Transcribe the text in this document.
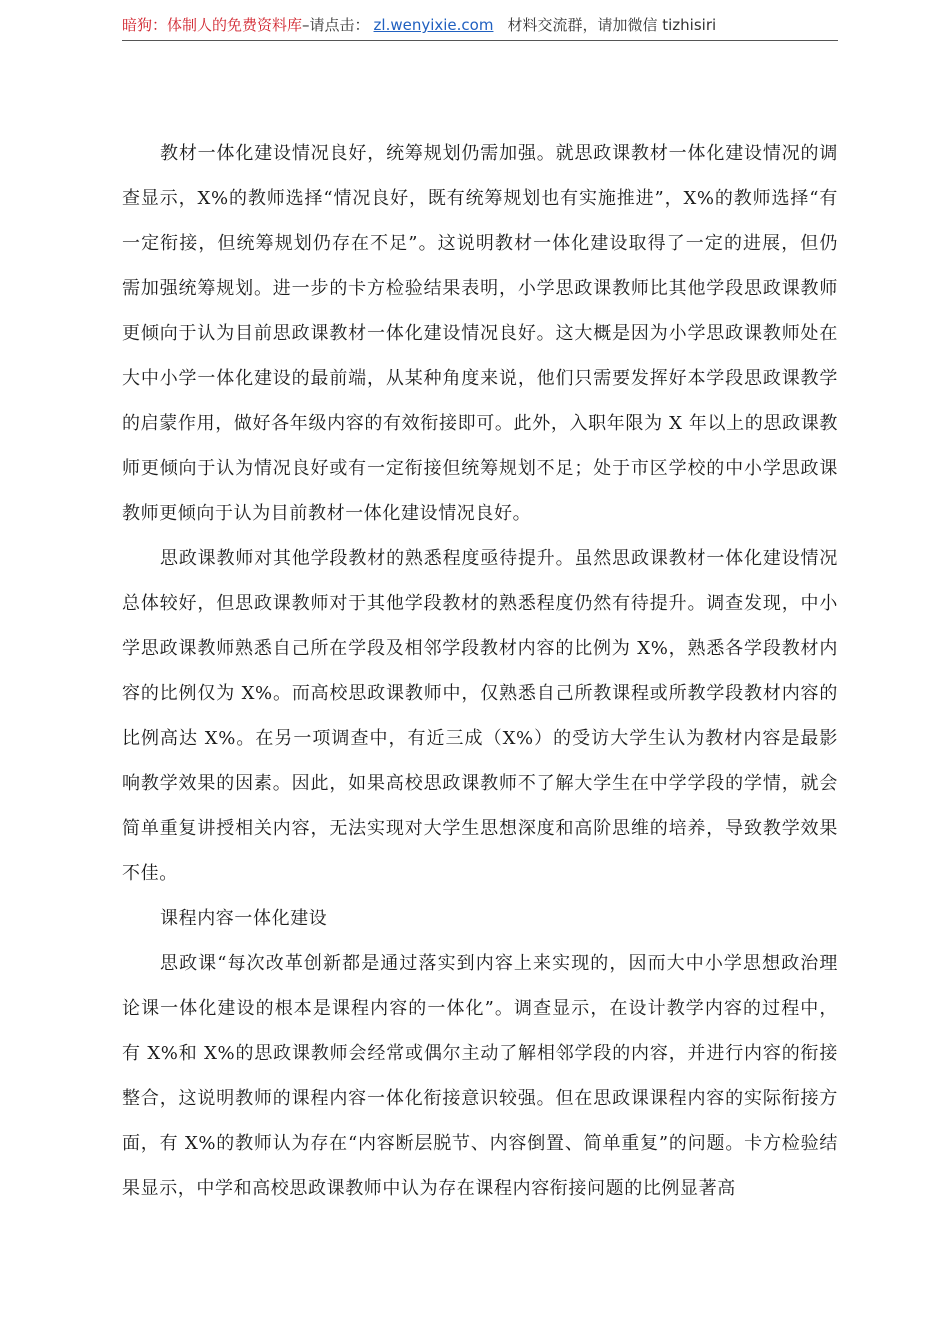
暗狗：体制人的免费资料库–请点击： zl.wenyixie.com 材料交流群，请加微信 tizhisiri

教材一体化建设情况良好，统筹规划仍需加强。就思政课教材一体化建设情况的调查显示，X%的教师选择“情况良好，既有统筹规划也有实施推进”，X%的教师选择“有一定衔接，但统筹规划仍存在不足”。这说明教材一体化建设取得了一定的进展，但仍需加强统筹规划。进一步的卡方检验结果表明，小学思政课教师比其他学段思政课教师更倾向于认为目前思政课教材一体化建设情况良好。这大概是因为小学思政课教师处在大中小学一体化建设的最前端，从某种角度来说，他们只需要发挥好本学段思政课教学的启蒙作用，做好各年级内容的有效衔接即可。此外，入职年限为 X 年以上的思政课教师更倾向于认为情况良好或有一定衔接但统筹规划不足；处于市区学校的中小学思政课教师更倾向于认为目前教材一体化建设情况良好。

思政课教师对其他学段教材的熟悉程度亟待提升。虽然思政课教材一体化建设情况总体较好，但思政课教师对于其他学段教材的熟悉程度仍然有待提升。调查发现，中小学思政课教师熟悉自己所在学段及相邻学段教材内容的比例为 X%，熟悉各学段教材内容的比例仅为 X%。而高校思政课教师中，仅熟悉自己所教课程或所教学段教材内容的比例高达 X%。在另一项调查中，有近三成（X%）的受访大学生认为教材内容是最影响教学效果的因素。因此，如果高校思政课教师不了解大学生在中学学段的学情，就会简单重复讲授相关内容，无法实现对大学生思想深度和高阶思维的培养，导致教学效果不佳。

课程内容一体化建设

思政课“每次改革创新都是通过落实到内容上来实现的，因而大中小学思想政治理论课一体化建设的根本是课程内容的一体化”。调查显示，在设计教学内容的过程中，有 X%和 X%的思政课教师会经常或偶尔主动了解相邻学段的内容，并进行内容的衔接整合，这说明教师的课程内容一体化衔接意识较强。但在思政课课程内容的实际衔接方面，有 X%的教师认为存在“内容断层脱节、内容倒置、简单重复”的问题。卡方检验结果显示，中学和高校思政课教师中认为存在课程内容衔接问题的比例显著高
